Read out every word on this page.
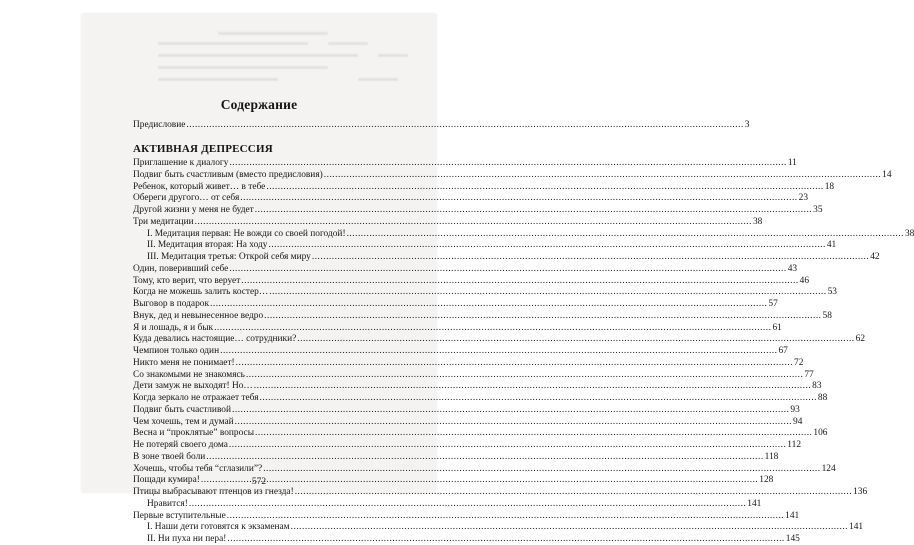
Содержание
Предисловие .....	3
АКТИВНАЯ ДЕПРЕССИЯ
Приглашение к диалогу .....	11
Подвиг быть счастливым (вместо предисловия) .....	14
Ребенок, который живет… в тебе .....	18
Обереги другого… от себя .....	23
Другой жизни у меня не будет .....	35
Три медитации .....	38
I. Медитация первая: Не вожди со своей погодой! .....	38
II. Медитация вторая: На ходу .....	41
III. Медитация третья: Открой себя миру .....	42
Один, поверивший себе .....	43
Тому, кто верит, что верует .....	46
Когда не можешь залить костер… .....	53
Выговор в подарок .....	57
Внук, дед и невынесенное ведро .....	58
Я и лошадь, я и бык .....	61
Куда девались настоящие… сотрудники? .....	62
Чемпион только один .....	67
Никто меня не понимает! .....	72
Со знакомыми не знакомясь .....	77
Дети замуж не выходят! Но… .....	83
Когда зеркало не отражает тебя .....	88
Подвиг быть счастливой .....	93
Чем хочешь, тем и думай .....	94
Весна и “проклятые” вопросы .....	106
Не потеряй своего дома .....	112
В зоне твоей боли .....	118
Хочешь, чтобы тебя “сглазили”? .....	124
Пощади кумира! .....	128
Птицы выбрасывают птенцов из гнезда! .....	136
Нравится! .....	141
Первые вступительные .....	141
I. Наши дети готовятся к экзаменам .....	141
II. Ни пуха ни пера! .....	145
572
